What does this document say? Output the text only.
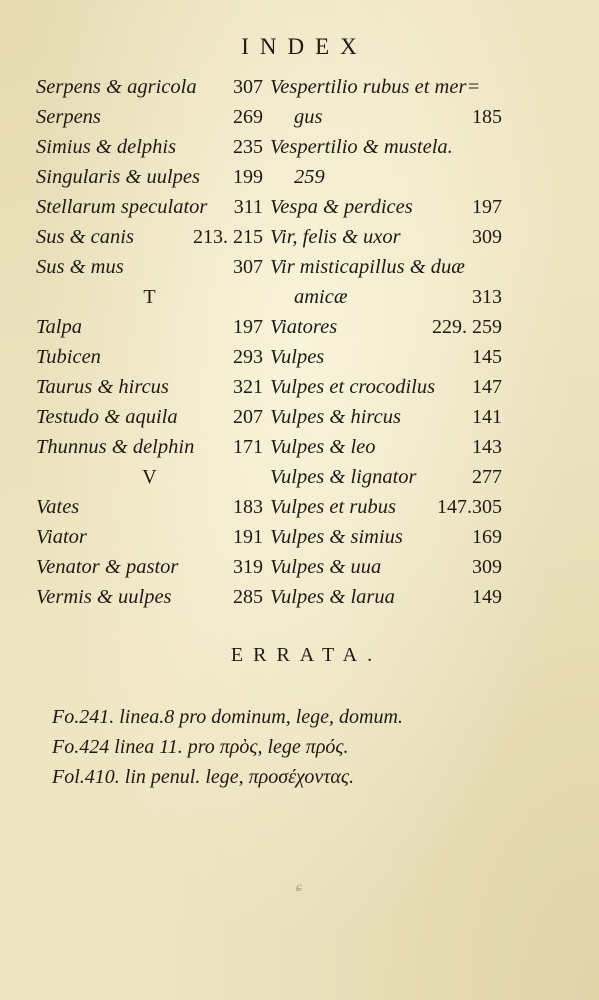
INDEX
Serpens & agricola 307
Serpens	269
Simius & delphis	235
Singularis & uulpes 199
Stellarum speculator 311
Sus & canis	213. 215
Sus & mus	307
T
Talpa	197
Tubicen	293
Taurus & hircus	321
Testudo & aquila	207
Thunnus & delphin 171
V
Vates	183
Viator	191
Venator & pastor	319
Vermis & uulpes	285
Vespertilio rubus et mer=
gus	185
Vespertilio & mustela.
259
Vespa & perdices	197
Vir, felis & uxor	309
Vir misticapillus & duæ
amicæ	313
Viatores	229. 259
Vulpes	145
Vulpes et crocodilus 147
Vulpes & hircus	141
Vulpes & leo	143
Vulpes & lignator	277
Vulpes et rubus 147.305
Vulpes & simius	169
Vulpes & uua	309
Vulpes & larua	149
ERRATA.
Fo.241. linea.8 pro dominum, lege, domum.
Fo.424 linea 11. pro πρὸς, lege πρός.
Fol.410. lin penul. lege, προσέχοντας.
ɕ
